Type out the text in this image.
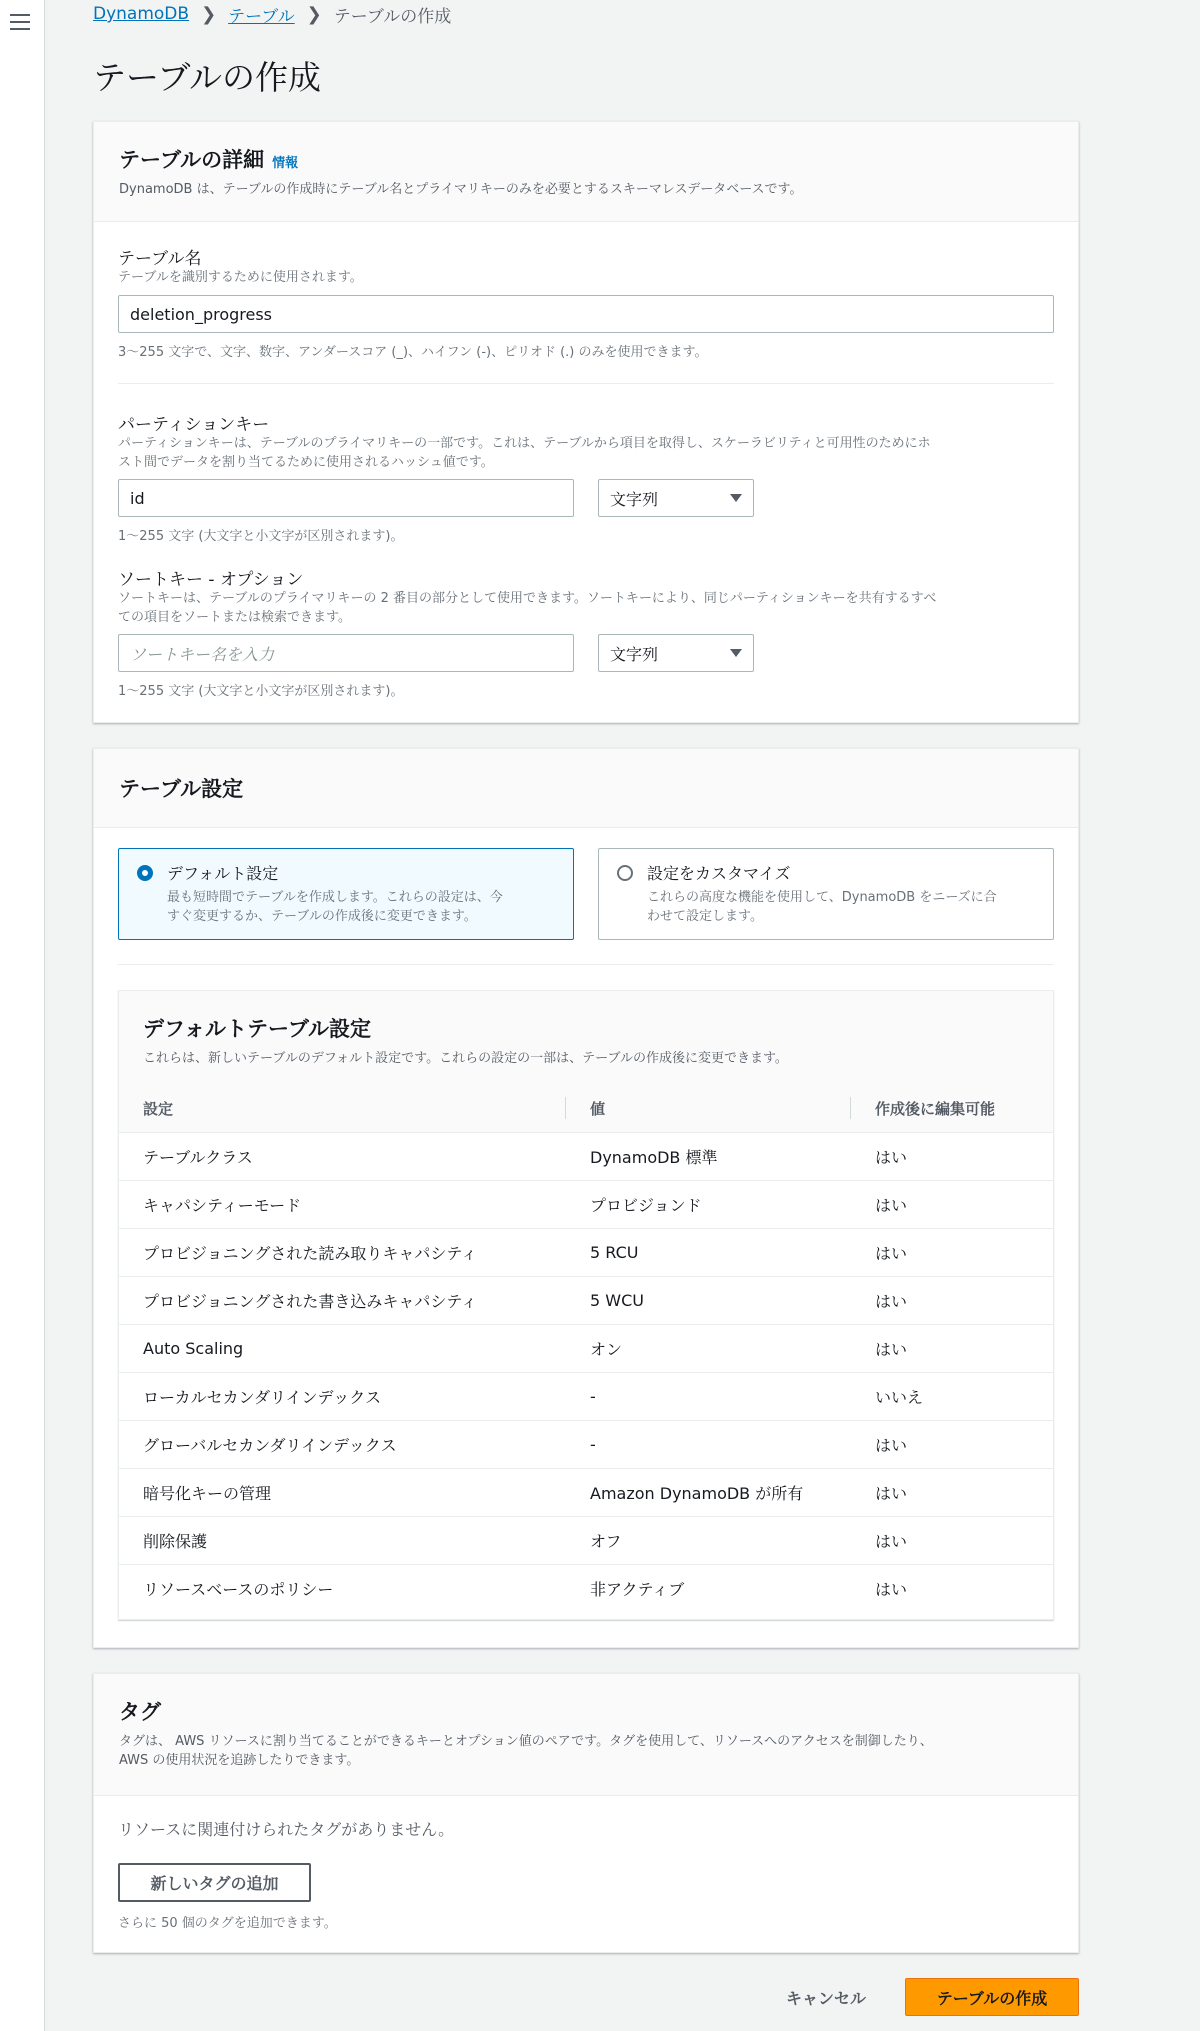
DynamoDB ❯ テーブル ❯ テーブルの作成
テーブルの作成
テーブルの詳細 情報
DynamoDB は、テーブルの作成時にテーブル名とプライマリキーのみを必要とするスキーマレスデータベースです。
テーブル名
テーブルを識別するために使用されます。
deletion_progress
3〜255 文字で、文字、数字、アンダースコア (_)、ハイフン (-)、ピリオド (.) のみを使用できます。
パーティションキー
パーティションキーは、テーブルのプライマリキーの一部です。これは、テーブルから項目を取得し、スケーラビリティと可用性のためにホ
スト間でデータを割り当てるために使用されるハッシュ値です。
id	文字列
1〜255 文字 (大文字と小文字が区別されます)。
ソートキー - オプション
ソートキーは、テーブルのプライマリキーの 2 番目の部分として使用できます。ソートキーにより、同じパーティションキーを共有するすべ
ての項目をソートまたは検索できます。
ソートキー名を入力	文字列
1〜255 文字 (大文字と小文字が区別されます)。
テーブル設定
デフォルト設定
最も短時間でテーブルを作成します。これらの設定は、今
すぐ変更するか、テーブルの作成後に変更できます。
設定をカスタマイズ
これらの高度な機能を使用して、DynamoDB をニーズに合
わせて設定します。
デフォルトテーブル設定
これらは、新しいテーブルのデフォルト設定です。これらの設定の一部は、テーブルの作成後に変更できます。
設定	値	作成後に編集可能
テーブルクラス	DynamoDB 標準	はい
キャパシティーモード	プロビジョンド	はい
プロビジョニングされた読み取りキャパシティ	5 RCU	はい
プロビジョニングされた書き込みキャパシティ	5 WCU	はい
Auto Scaling	オン	はい
ローカルセカンダリインデックス	-	いいえ
グローバルセカンダリインデックス	-	はい
暗号化キーの管理	Amazon DynamoDB が所有	はい
削除保護	オフ	はい
リソースベースのポリシー	非アクティブ	はい
タグ
タグは、 AWS リソースに割り当てることができるキーとオプション値のペアです。タグを使用して、リソースへのアクセスを制御したり、
AWS の使用状況を追跡したりできます。
リソースに関連付けられたタグがありません。
新しいタグの追加
さらに 50 個のタグを追加できます。
キャンセル	テーブルの作成
